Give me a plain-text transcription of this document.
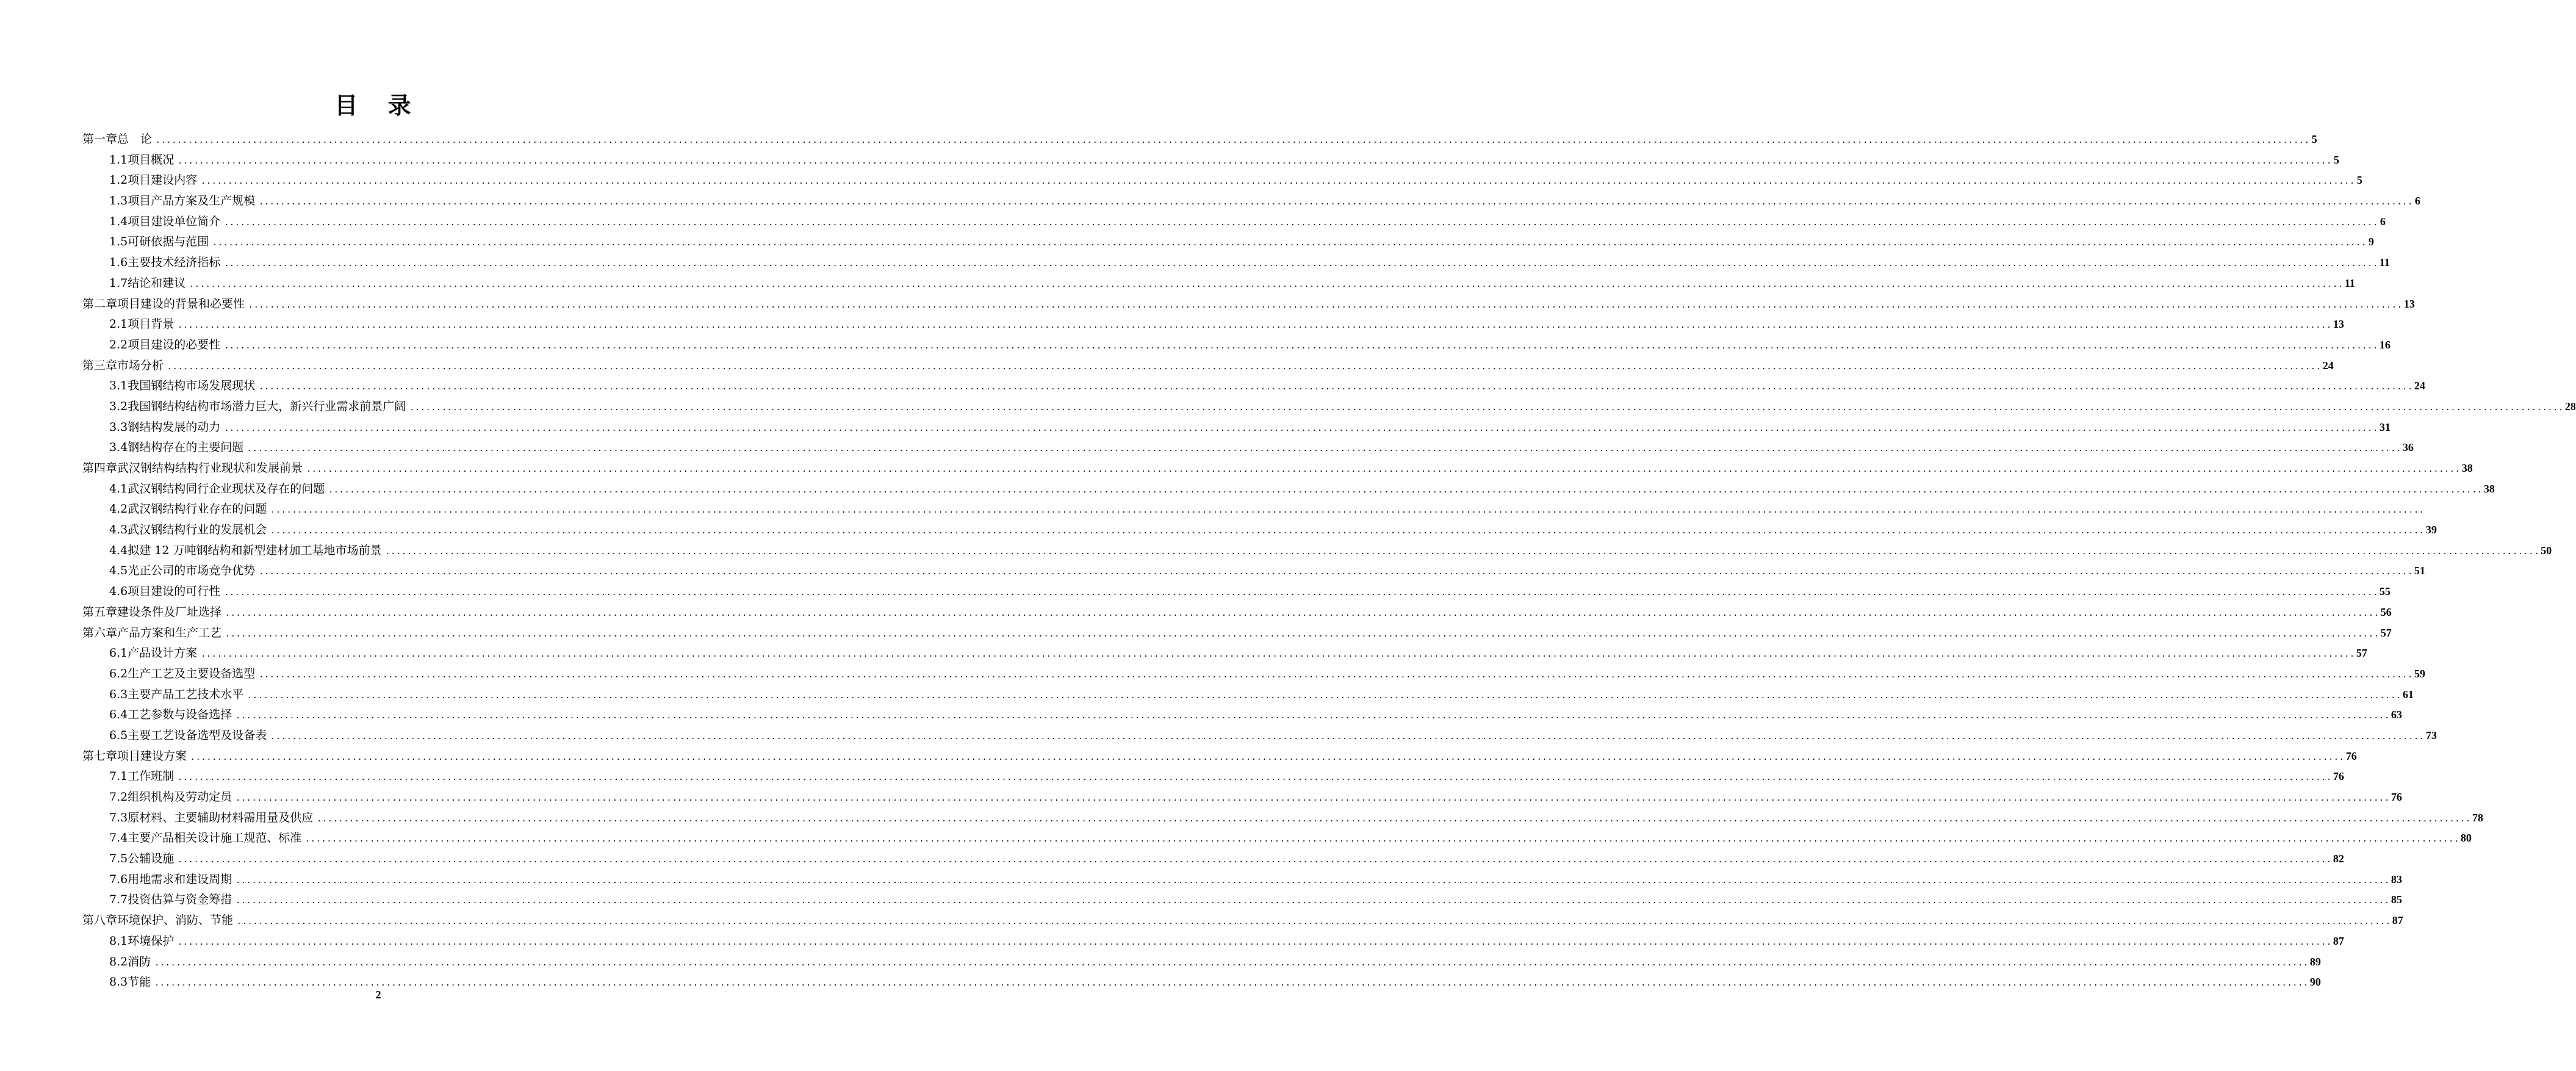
目 录
第一章 总　论 ................................................................................................................................................................................................................................................................................................................................................................................................................ 5
1.1 项目概况 ................................................................................................................................................................................................................................................................................................................................................................................................................ 5
1.2 项目建设内容 ................................................................................................................................................................................................................................................................................................................................................................................................................ 5
1.3 项目产品方案及生产规模 ................................................................................................................................................................................................................................................................................................................................................................................................................ 6
1.4 项目建设单位简介 ................................................................................................................................................................................................................................................................................................................................................................................................................ 6
1.5 可研依据与范围 ................................................................................................................................................................................................................................................................................................................................................................................................................ 9
1.6 主要技术经济指标 ................................................................................................................................................................................................................................................................................................................................................................................................................ 11
1.7 结论和建议 ................................................................................................................................................................................................................................................................................................................................................................................................................ 11
第二章 项目建设的背景和必要性 ................................................................................................................................................................................................................................................................................................................................................................................................................ 13
2.1 项目背景 ................................................................................................................................................................................................................................................................................................................................................................................................................ 13
2.2 项目建设的必要性 ................................................................................................................................................................................................................................................................................................................................................................................................................ 16
第三章 市场分析 ................................................................................................................................................................................................................................................................................................................................................................................................................ 24
3.1 我国钢结构市场发展现状 ................................................................................................................................................................................................................................................................................................................................................................................................................ 24
3.2 我国钢结构结构市场潜力巨大，新兴行业需求前景广阔 ................................................................................................................................................................................................................................................................................................................................................................................................................ 28
3.3 钢结构发展的动力 ................................................................................................................................................................................................................................................................................................................................................................................................................ 31
3.4 钢结构存在的主要问题 ................................................................................................................................................................................................................................................................................................................................................................................................................ 36
第四章 武汉钢结构结构行业现状和发展前景 ................................................................................................................................................................................................................................................................................................................................................................................................................ 38
4.1 武汉钢结构同行企业现状及存在的问题 ................................................................................................................................................................................................................................................................................................................................................................................................................ 38
4.2 武汉钢结构行业存在的问题 ................................................................................................................................................................................................................................................................................................................................................................................................................
4.3 武汉钢结构行业的发展机会 ................................................................................................................................................................................................................................................................................................................................................................................................................ 39
4.4 拟建 12 万吨钢结构和新型建材加工基地市场前景 ................................................................................................................................................................................................................................................................................................................................................................................................................ 50
4.5 光正公司的市场竞争优势 ................................................................................................................................................................................................................................................................................................................................................................................................................ 51
4.6 项目建设的可行性 ................................................................................................................................................................................................................................................................................................................................................................................................................ 55
第五章 建设条件及厂址选择 ................................................................................................................................................................................................................................................................................................................................................................................................................ 56
第六章 产品方案和生产工艺 ................................................................................................................................................................................................................................................................................................................................................................................................................ 57
6.1 产品设计方案 ................................................................................................................................................................................................................................................................................................................................................................................................................ 57
6.2 生产工艺及主要设备选型 ................................................................................................................................................................................................................................................................................................................................................................................................................ 59
6.3 主要产品工艺技术水平 ................................................................................................................................................................................................................................................................................................................................................................................................................ 61
6.4 工艺参数与设备选择 ................................................................................................................................................................................................................................................................................................................................................................................................................ 63
6.5 主要工艺设备选型及设备表 ................................................................................................................................................................................................................................................................................................................................................................................................................ 73
第七章 项目建设方案 ................................................................................................................................................................................................................................................................................................................................................................................................................ 76
7.1 工作班制 ................................................................................................................................................................................................................................................................................................................................................................................................................ 76
7.2 组织机构及劳动定员 ................................................................................................................................................................................................................................................................................................................................................................................................................ 76
7.3 原材料、主要辅助材料需用量及供应 ................................................................................................................................................................................................................................................................................................................................................................................................................ 78
7.4 主要产品相关设计施工规范、标准 ................................................................................................................................................................................................................................................................................................................................................................................................................ 80
7.5 公辅设施 ................................................................................................................................................................................................................................................................................................................................................................................................................ 82
7.6 用地需求和建设周期 ................................................................................................................................................................................................................................................................................................................................................................................................................ 83
7.7 投资估算与资金筹措 ................................................................................................................................................................................................................................................................................................................................................................................................................ 85
第八章 环境保护、消防、节能 ................................................................................................................................................................................................................................................................................................................................................................................................................ 87
8.1 环境保护 ................................................................................................................................................................................................................................................................................................................................................................................................................ 87
8.2 消防 ................................................................................................................................................................................................................................................................................................................................................................................................................ 89
8.3 节能 ................................................................................................................................................................................................................................................................................................................................................................................................................ 90
2
